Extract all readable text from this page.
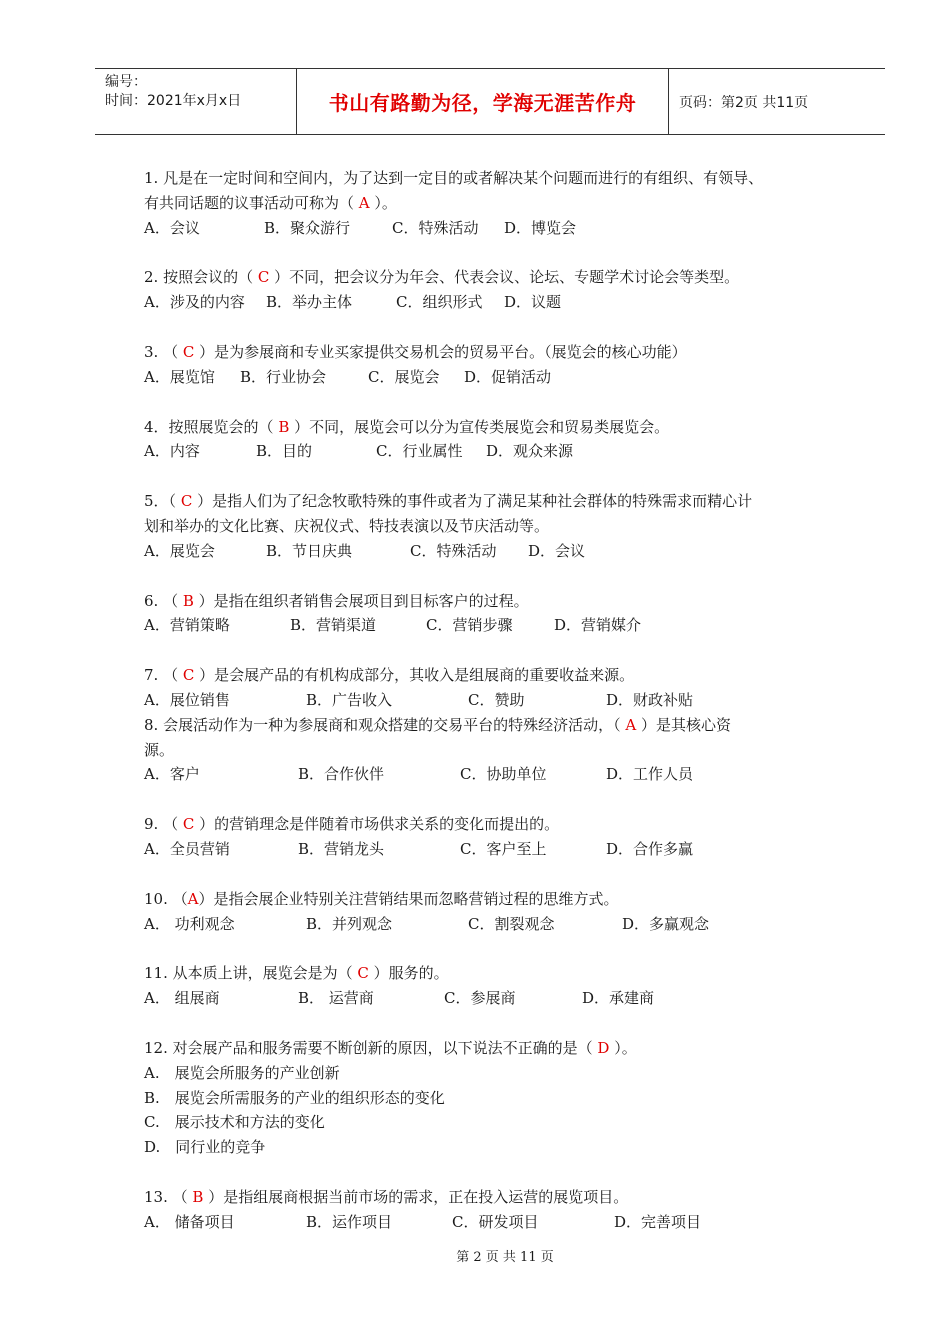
编号：
时间：2021年x月x日	书山有路勤为径，学海无涯苦作舟	页码：第2页 共11页
1. 凡是在一定时间和空间内，为了达到一定目的或者解决某个问题而进行的有组织、有领导、
有共同话题的议事活动可称为（ A ）。
A．会议	B．聚众游行	C．特殊活动 D．博览会
2. 按照会议的（ C ）不同，把会议分为年会、代表会议、论坛、专题学术讨论会等类型。
A．涉及的内容 B．举办主体	C．组织形式 D．议题
3. （ C ）是为参展商和专业买家提供交易机会的贸易平台。（展览会的核心功能）
A．展览馆 B．行业协会	C．展览会 D．促销活动
4．按照展览会的（ B ）不同，展览会可以分为宣传类展览会和贸易类展览会。
A．内容	B．目的	C．行业属性 D．观众来源
5．（ C ）是指人们为了纪念牧歌特殊的事件或者为了满足某种社会群体的特殊需求而精心计
划和举办的文化比赛、庆祝仪式、特技表演以及节庆活动等。
A．展览会	B．节日庆典	C．特殊活动 D．会议
6. （ B ）是指在组织者销售会展项目到目标客户的过程。
A．营销策略	B．营销渠道	C．营销步骤	D．营销媒介
7. （ C ）是会展产品的有机构成部分，其收入是组展商的重要收益来源。
A．展位销售	B．广告收入	C．赞助	D．财政补贴
8. 会展活动作为一种为参展商和观众搭建的交易平台的特殊经济活动，（ A ）是其核心资
源。
A．客户	B．合作伙伴	C．协助单位	D．工作人员
9. （ C ）的营销理念是伴随着市场供求关系的变化而提出的。
A．全员营销	B．营销龙头	C．客户至上	D．合作多赢
10. （A）是指会展企业特别关注营销结果而忽略营销过程的思维方式。
A． 功利观念	B．并列观念	C．割裂观念	D．多赢观念
11. 从本质上讲，展览会是为（ C ）服务的。
A． 组展商	B． 运营商	C．参展商	D．承建商
12. 对会展产品和服务需要不断创新的原因，以下说法不正确的是（ D ）。
A.　展览会所服务的产业创新
B.　展览会所需服务的产业的组织形态的变化
C.　展示技术和方法的变化
D.　同行业的竞争
13. （ B ）是指组展商根据当前市场的需求，正在投入运营的展览项目。
A． 储备项目	B．运作项目	C．研发项目	D．完善项目
第 2 页 共 11 页
